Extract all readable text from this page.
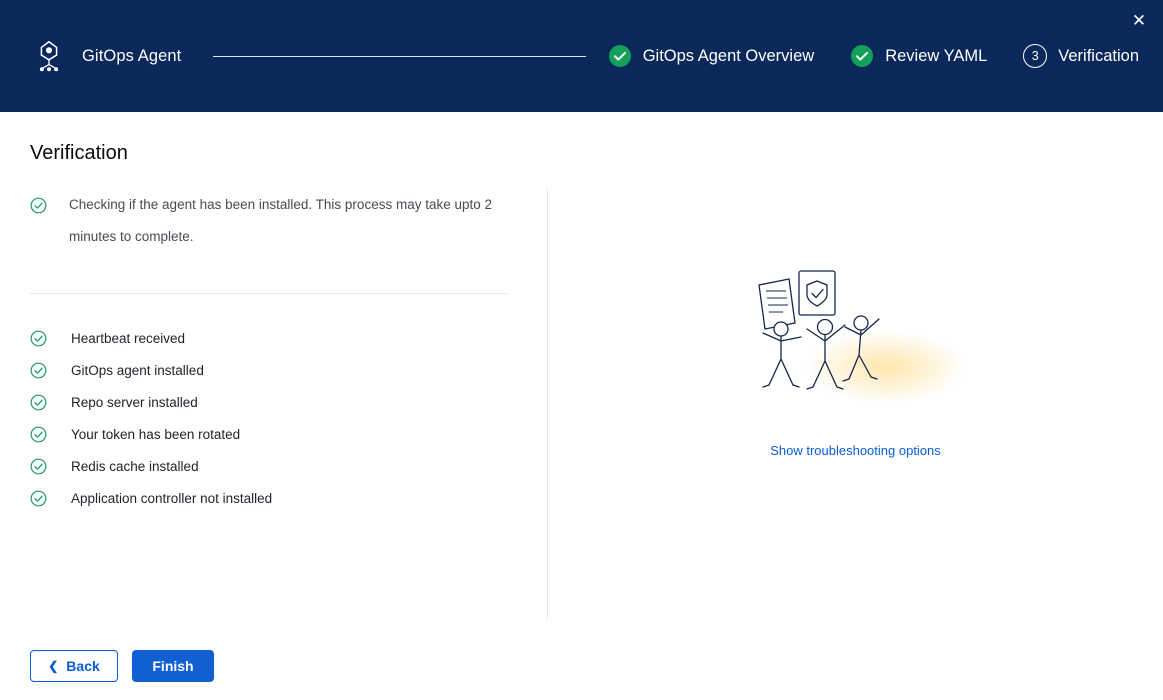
GitOps Agent	GitOps Agent Overview	Review YAML	3	Verification
✕
Verification
Checking if the agent has been installed. This process may take upto 2 minutes to complete.
Heartbeat received
GitOps agent installed
Repo server installed
Your token has been rotated
Redis cache installed
Application controller not installed
Show troubleshooting options
❮ Back	Finish
